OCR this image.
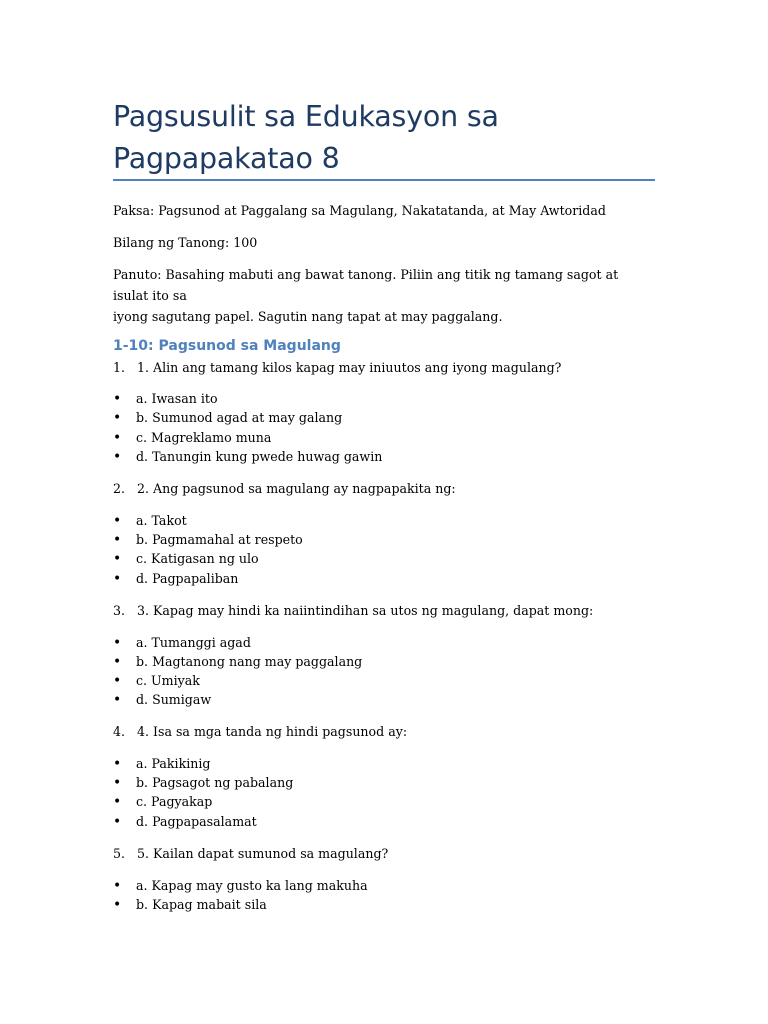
Pagsusulit sa Edukasyon sa
Pagpapakatao 8
Paksa: Pagsunod at Paggalang sa Magulang, Nakatatanda, at May Awtoridad
Bilang ng Tanong: 100
Panuto: Basahing mabuti ang bawat tanong. Piliin ang titik ng tamang sagot at isulat ito sa
iyong sagutang papel. Sagutin nang tapat at may paggalang.
1-10: Pagsunod sa Magulang
1. 1. Alin ang tamang kilos kapag may iniuutos ang iyong magulang?
• a. Iwasan ito
• b. Sumunod agad at may galang
• c. Magreklamo muna
• d. Tanungin kung pwede huwag gawin
2. 2. Ang pagsunod sa magulang ay nagpapakita ng:
• a. Takot
• b. Pagmamahal at respeto
• c. Katigasan ng ulo
• d. Pagpapaliban
3. 3. Kapag may hindi ka naiintindihan sa utos ng magulang, dapat mong:
• a. Tumanggi agad
• b. Magtanong nang may paggalang
• c. Umiyak
• d. Sumigaw
4. 4. Isa sa mga tanda ng hindi pagsunod ay:
• a. Pakikinig
• b. Pagsagot ng pabalang
• c. Pagyakap
• d. Pagpapasalamat
5. 5. Kailan dapat sumunod sa magulang?
• a. Kapag may gusto ka lang makuha
• b. Kapag mabait sila
